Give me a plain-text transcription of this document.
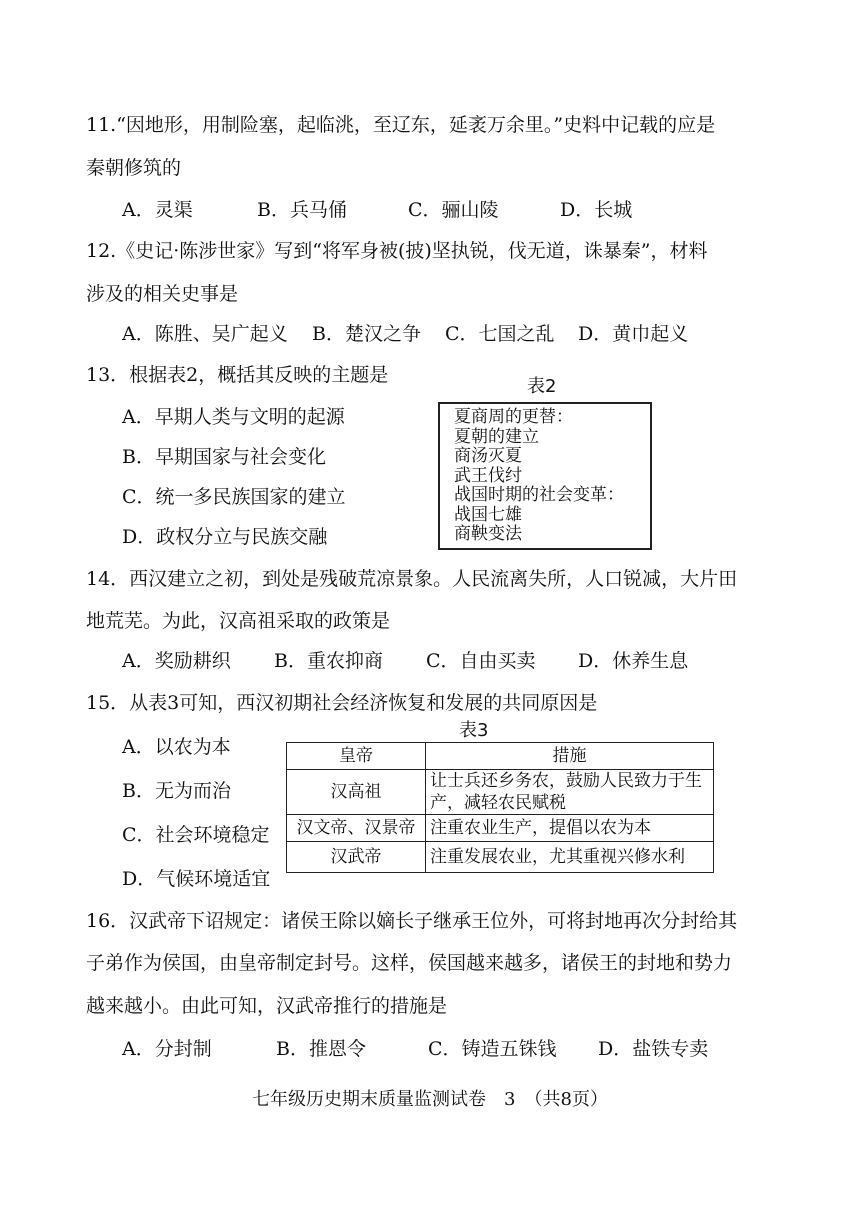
11.“因地形，用制险塞，起临洮，至辽东，延袤万余里。”史料中记载的应是
秦朝修筑的
A．灵渠	B．兵马俑	C．骊山陵	D．长城
12.《史记·陈涉世家》写到“将军身被(披)坚执锐，伐无道，诛暴秦”，材料
涉及的相关史事是
A．陈胜、吴广起义 B．楚汉之争 C．七国之乱 D．黄巾起义
13．根据表2，概括其反映的主题是
表2
A．早期人类与文明的起源
B．早期国家与社会变化
C．统一多民族国家的建立
D．政权分立与民族交融
夏商周的更替：
夏朝的建立
商汤灭夏
武王伐纣
战国时期的社会变革：
战国七雄
商鞅变法
14．西汉建立之初，到处是残破荒凉景象。人民流离失所，人口锐减，大片田
地荒芜。为此，汉高祖采取的政策是
A．奖励耕织 B．重农抑商 C．自由买卖 D．休养生息
15．从表3可知，西汉初期社会经济恢复和发展的共同原因是
表3
A．以农为本
B．无为而治
C．社会环境稳定
D．气候环境适宜
皇帝	措施
汉高祖	让士兵还乡务农，鼓励人民致力于生产，减轻农民赋税
汉文帝、汉景帝	注重农业生产，提倡以农为本
汉武帝	注重发展农业，尤其重视兴修水利
16．汉武帝下诏规定：诸侯王除以嫡长子继承王位外，可将封地再次分封给其
子弟作为侯国，由皇帝制定封号。这样，侯国越来越多，诸侯王的封地和势力
越来越小。由此可知，汉武帝推行的措施是
A．分封制	B．推恩令	C．铸造五铢钱 D．盐铁专卖
七年级历史期末质量监测试卷　3　（共8页）
